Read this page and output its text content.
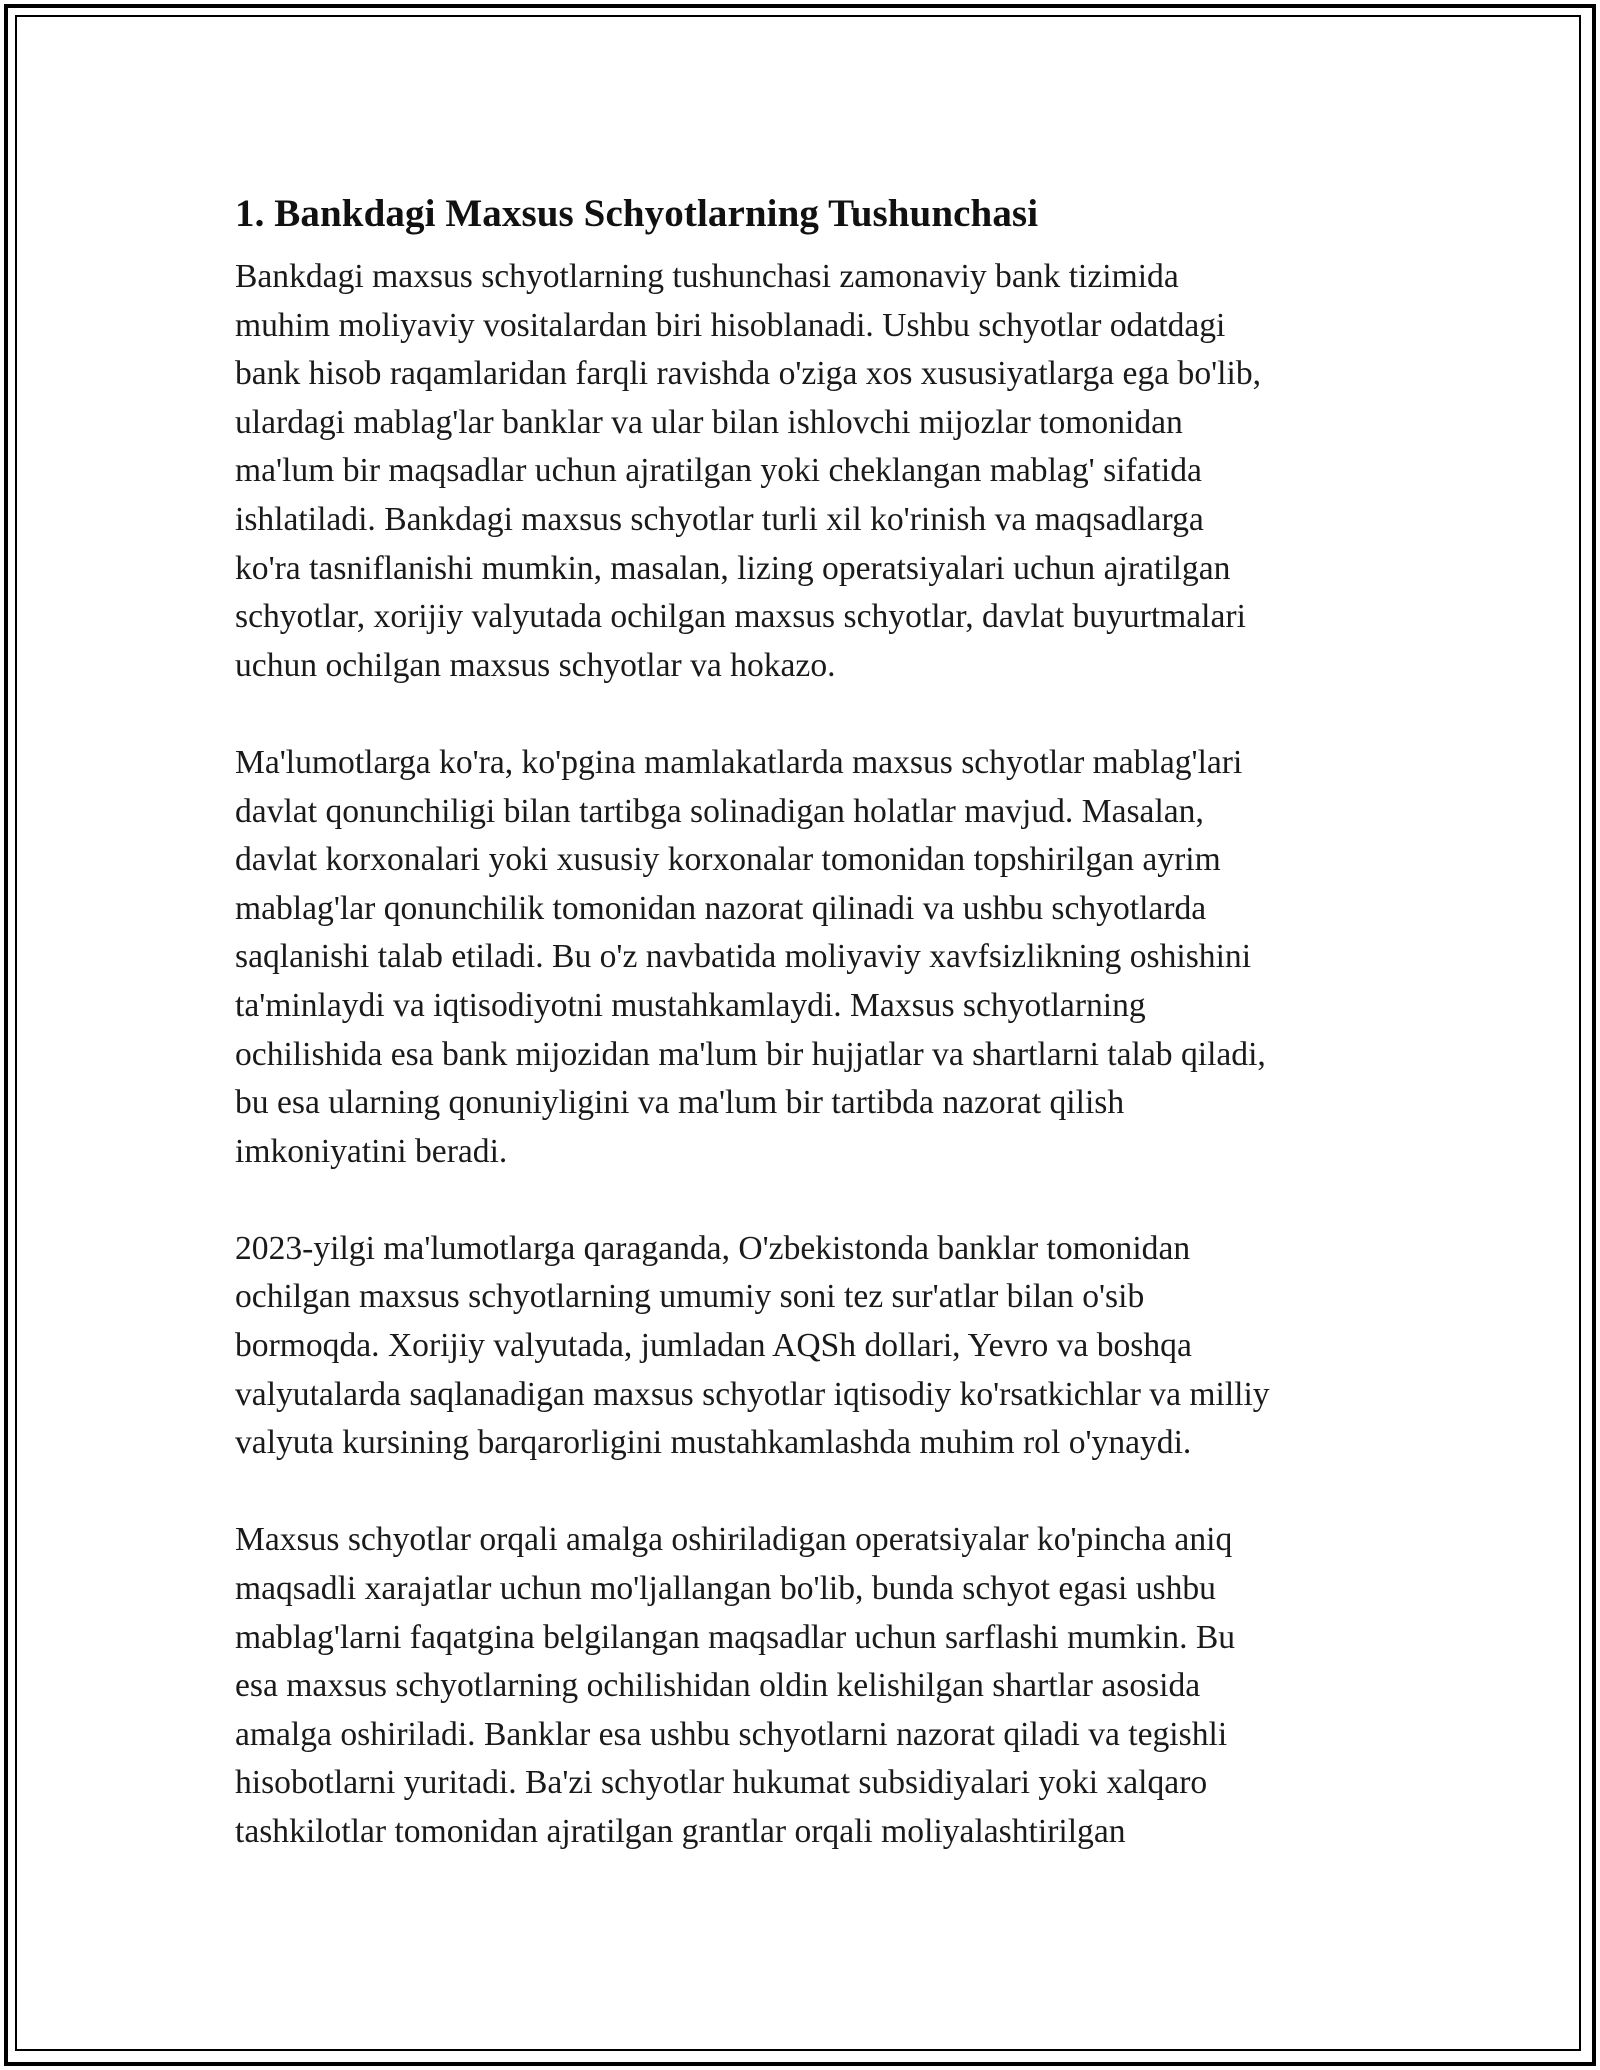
1. Bankdagi Maxsus Schyotlarning Tushunchasi

Bankdagi maxsus schyotlarning tushunchasi zamonaviy bank tizimida
muhim moliyaviy vositalardan biri hisoblanadi. Ushbu schyotlar odatdagi
bank hisob raqamlaridan farqli ravishda o'ziga xos xususiyatlarga ega bo'lib,
ulardagi mablag'lar banklar va ular bilan ishlovchi mijozlar tomonidan
ma'lum bir maqsadlar uchun ajratilgan yoki cheklangan mablag' sifatida
ishlatiladi. Bankdagi maxsus schyotlar turli xil ko'rinish va maqsadlarga
ko'ra tasniflanishi mumkin, masalan, lizing operatsiyalari uchun ajratilgan
schyotlar, xorijiy valyutada ochilgan maxsus schyotlar, davlat buyurtmalari
uchun ochilgan maxsus schyotlar va hokazo.

Ma'lumotlarga ko'ra, ko'pgina mamlakatlarda maxsus schyotlar mablag'lari
davlat qonunchiligi bilan tartibga solinadigan holatlar mavjud. Masalan,
davlat korxonalari yoki xususiy korxonalar tomonidan topshirilgan ayrim
mablag'lar qonunchilik tomonidan nazorat qilinadi va ushbu schyotlarda
saqlanishi talab etiladi. Bu o'z navbatida moliyaviy xavfsizlikning oshishini
ta'minlaydi va iqtisodiyotni mustahkamlaydi. Maxsus schyotlarning
ochilishida esa bank mijozidan ma'lum bir hujjatlar va shartlarni talab qiladi,
bu esa ularning qonuniyligini va ma'lum bir tartibda nazorat qilish
imkoniyatini beradi.

2023-yilgi ma'lumotlarga qaraganda, O'zbekistonda banklar tomonidan
ochilgan maxsus schyotlarning umumiy soni tez sur'atlar bilan o'sib
bormoqda. Xorijiy valyutada, jumladan AQSh dollari, Yevro va boshqa
valyutalarda saqlanadigan maxsus schyotlar iqtisodiy ko'rsatkichlar va milliy
valyuta kursining barqarorligini mustahkamlashda muhim rol o'ynaydi.

Maxsus schyotlar orqali amalga oshiriladigan operatsiyalar ko'pincha aniq
maqsadli xarajatlar uchun mo'ljallangan bo'lib, bunda schyot egasi ushbu
mablag'larni faqatgina belgilangan maqsadlar uchun sarflashi mumkin. Bu
esa maxsus schyotlarning ochilishidan oldin kelishilgan shartlar asosida
amalga oshiriladi. Banklar esa ushbu schyotlarni nazorat qiladi va tegishli
hisobotlarni yuritadi. Ba'zi schyotlar hukumat subsidiyalari yoki xalqaro
tashkilotlar tomonidan ajratilgan grantlar orqali moliyalashtirilgan
